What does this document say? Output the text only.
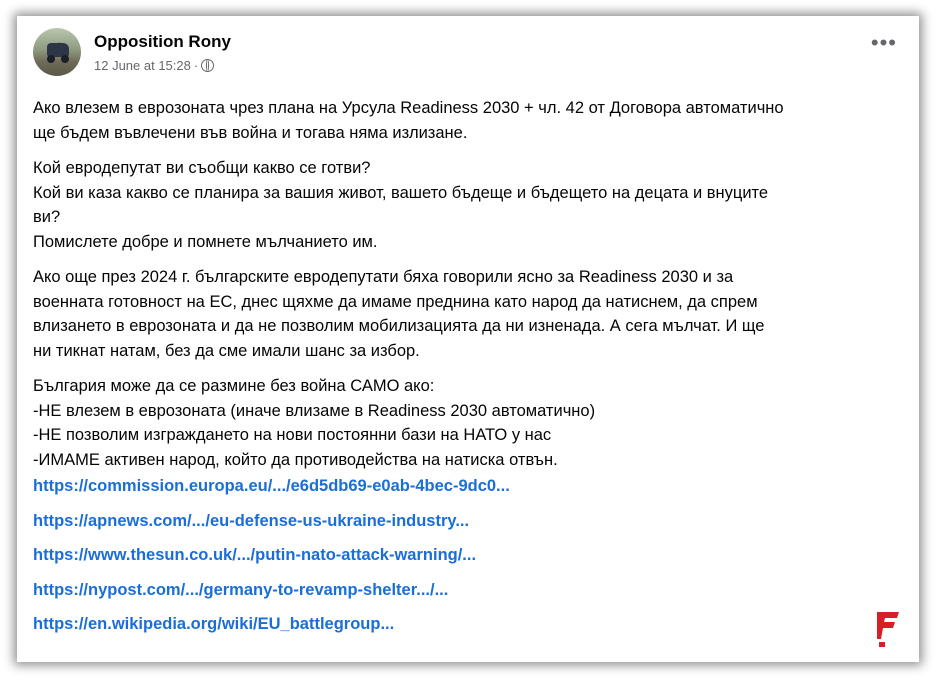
Opposition Rony
12 June at 15:28 ·
•••
Ако влезем в еврозоната чрез плана на Урсула Readiness 2030 + чл. 42 от Договора автоматично
ще бъдем въвлечени във война и тогава няма излизане.
Кой евродепутат ви съобщи какво се готви?
Кой ви каза какво се планира за вашия живот, вашето бъдеще и бъдещето на децата и внуците
ви?
Помислете добре и помнете мълчанието им.
Ако още през 2024 г. българските евродепутати бяха говорили ясно за Readiness 2030 и за
военната готовност на ЕС, днес щяхме да имаме преднина като народ да натиснем, да спрем
влизането в еврозоната и да не позволим мобилизацията да ни изненада. А сега мълчат. И ще
ни тикнат натам, без да сме имали шанс за избор.
България може да се размине без война САМО ако:
-НЕ влезем в еврозоната (иначе влизаме в Readiness 2030 автоматично)
-НЕ позволим изграждането на нови постоянни бази на НАТО у нас
-ИМАМЕ активен народ, който да противодейства на натиска отвън.
https://commission.europa.eu/.../e6d5db69-e0ab-4bec-9dc0...
https://apnews.com/.../eu-defense-us-ukraine-industry...
https://www.thesun.co.uk/.../putin-nato-attack-warning/...
https://nypost.com/.../germany-to-revamp-shelter.../...
https://en.wikipedia.org/wiki/EU_battlegroup...
